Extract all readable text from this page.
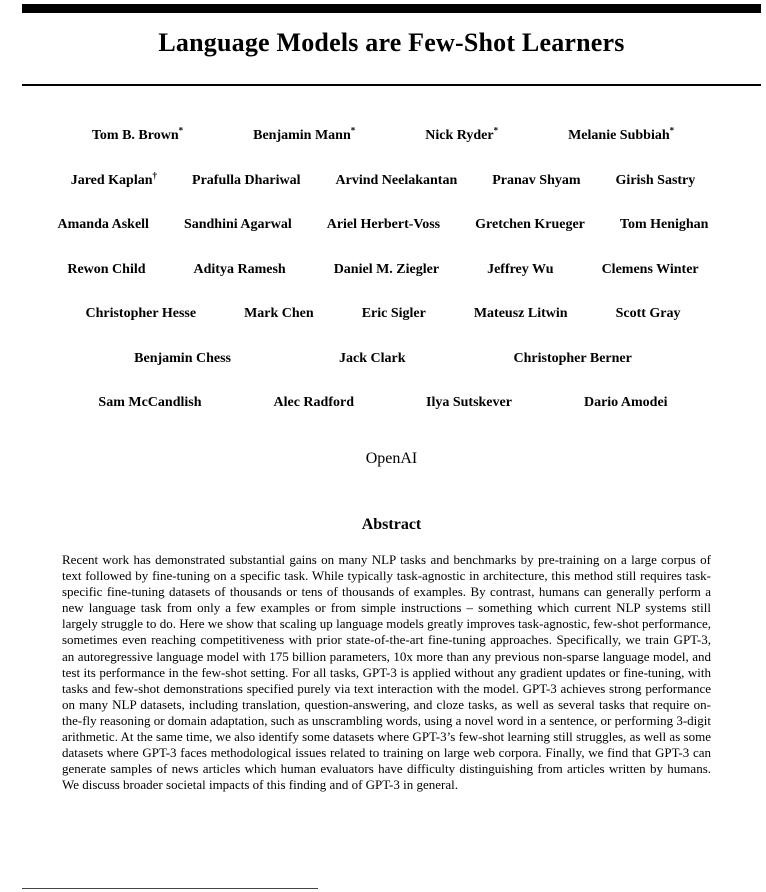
Language Models are Few-Shot Learners
Tom B. Brown*	Benjamin Mann*	Nick Ryder*	Melanie Subbiah*
Jared Kaplan†	Prafulla Dhariwal	Arvind Neelakantan	Pranav Shyam	Girish Sastry
Amanda Askell	Sandhini Agarwal	Ariel Herbert-Voss	Gretchen Krueger	Tom Henighan
Rewon Child	Aditya Ramesh	Daniel M. Ziegler	Jeffrey Wu	Clemens Winter
Christopher Hesse	Mark Chen	Eric Sigler	Mateusz Litwin	Scott Gray
Benjamin Chess	Jack Clark	Christopher Berner
Sam McCandlish	Alec Radford	Ilya Sutskever	Dario Amodei
OpenAI
Abstract

Recent work has demonstrated substantial gains on many NLP tasks and benchmarks by pre-training on a large corpus of text followed by fine-tuning on a specific task. While typically task-agnostic in architecture, this method still requires task-specific fine-tuning datasets of thousands or tens of thousands of examples. By contrast, humans can generally perform a new language task from only a few examples or from simple instructions – something which current NLP systems still largely struggle to do. Here we show that scaling up language models greatly improves task-agnostic, few-shot performance, sometimes even reaching competitiveness with prior state-of-the-art fine-tuning approaches. Specifically, we train GPT-3, an autoregressive language model with 175 billion parameters, 10x more than any previous non-sparse language model, and test its performance in the few-shot setting. For all tasks, GPT-3 is applied without any gradient updates or fine-tuning, with tasks and few-shot demonstrations specified purely via text interaction with the model. GPT-3 achieves strong performance on many NLP datasets, including translation, question-answering, and cloze tasks, as well as several tasks that require on-the-fly reasoning or domain adaptation, such as unscrambling words, using a novel word in a sentence, or performing 3-digit arithmetic. At the same time, we also identify some datasets where GPT-3’s few-shot learning still struggles, as well as some datasets where GPT-3 faces methodological issues related to training on large web corpora. Finally, we find that GPT-3 can generate samples of news articles which human evaluators have difficulty distinguishing from articles written by humans. We discuss broader societal impacts of this finding and of GPT-3 in general.
